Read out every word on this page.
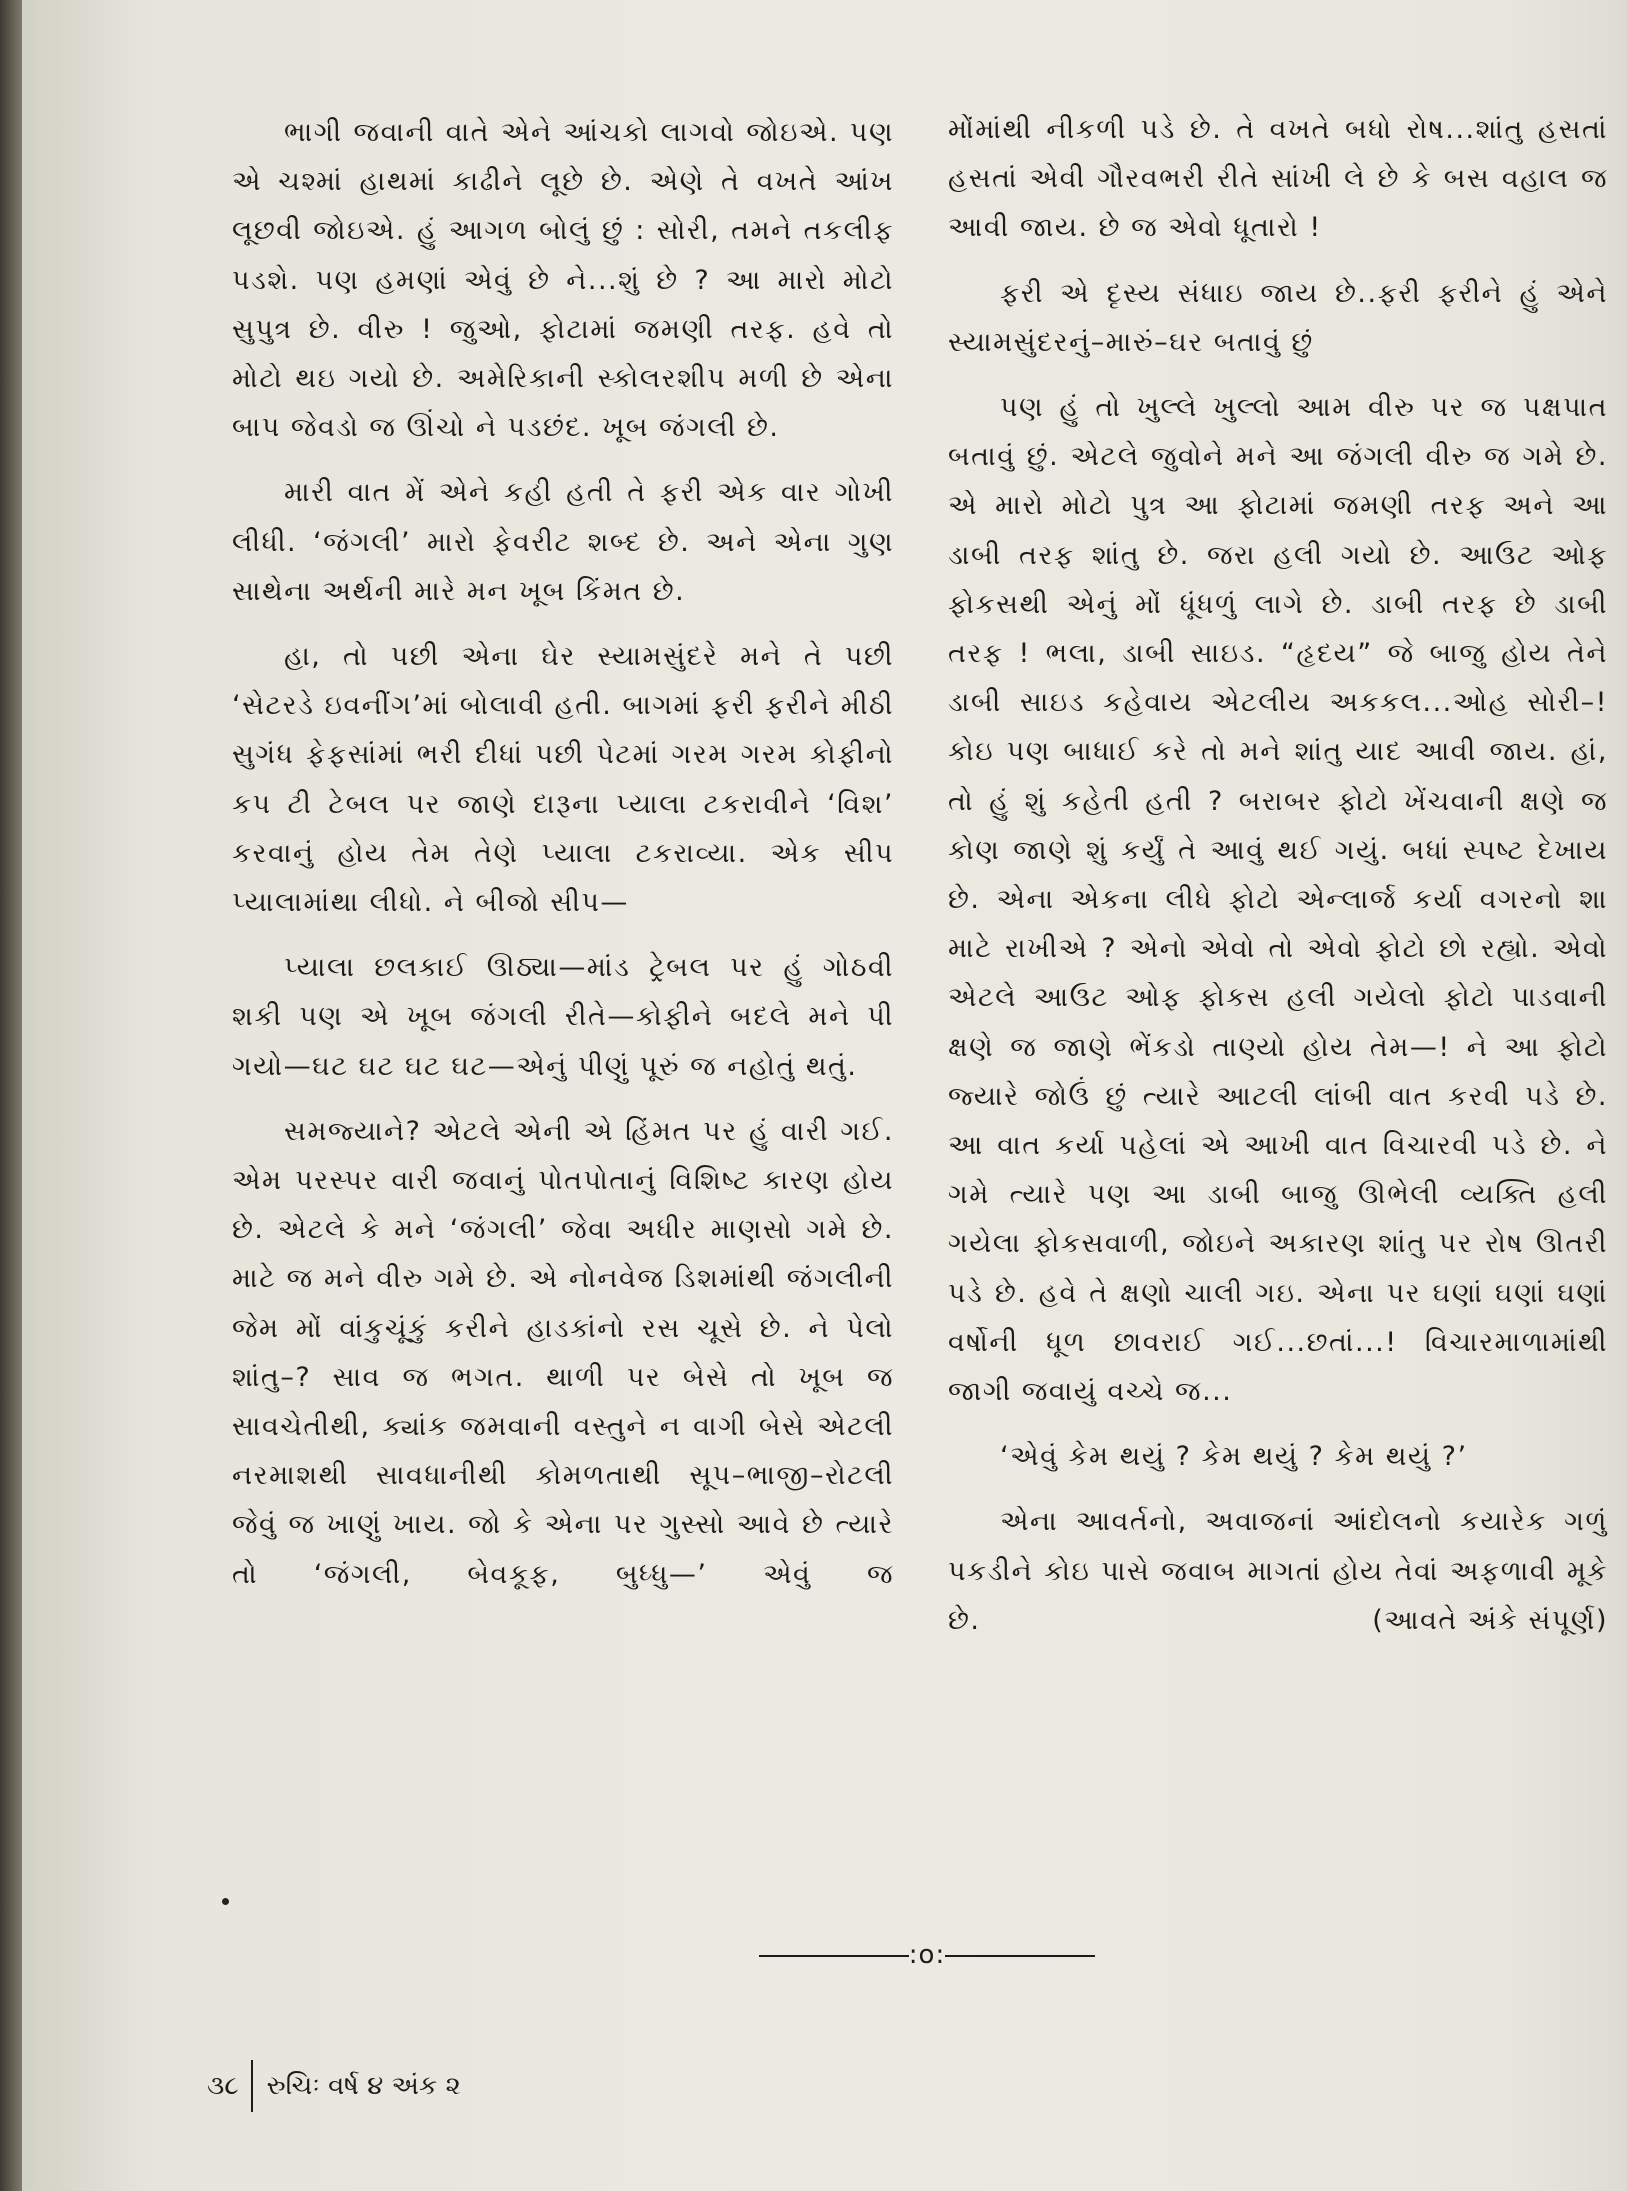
ભાગી જવાની વાતે એને આંચકો લાગવો જોઇએ. પણ એ ચશ્માં હાથમાં કાઢીને લૂછે છે. એણે તે વખતે આંખ લૂછવી જોઇએ. હું આગળ બોલું છું : સોરી, તમને તકલીફ પડશે. પણ હમણાં એવું છે ને...શું છે ? આ મારો મોટો સુપુત્ર છે. વીરુ ! જુઓ, ફોટામાં જમણી તરફ. હવે તો મોટો થઇ ગયો છે. અમેરિકાની સ્કોલરશીપ મળી છે એના બાપ જેવડો જ ઊંચો ને પડછંદ. ખૂબ જંગલી છે.

મારી વાત મેં એને કહી હતી તે ફરી એક વાર ગોખી લીધી. ‘જંગલી’ મારો ફેવરીટ શબ્દ છે. અને એના ગુણ સાથેના અર્થની મારે મન ખૂબ કિંમત છે.

હા, તો પછી એના ઘેર સ્યામસુંદરે મને તે પછી ‘સેટરડે ઇવનીંગ’માં બોલાવી હતી. બાગમાં ફરી ફરીને મીઠી સુગંધ ફેફસાંમાં ભરી દીધાં પછી પેટમાં ગરમ ગરમ કોફીનો કપ ટી ટેબલ પર જાણે દારૂના પ્યાલા ટકરાવીને ‘વિશ’ કરવાનું હોય તેમ તેણે પ્યાલા ટકરાવ્યા. એક સીપ પ્યાલામાંથા લીધો. ને બીજો સીપ—

પ્યાલા છલકાઈ ઊઠ્યા—માંડ ટ્રેબલ પર હું ગોઠવી શકી પણ એ ખૂબ જંગલી રીતે—કોફીને બદલે મને પી ગયો—ઘટ ઘટ ઘટ ઘટ—એનું પીણું પૂરું જ નહોતું થતું.

સમજ્યાને? એટલે એની એ હિંમત પર હું વારી ગઈ. એમ પરસ્પર વારી જવાનું પોતપોતાનું વિશિષ્ટ કારણ હોય છે. એટલે કે મને ‘જંગલી’ જેવા અધીર માણસો ગમે છે. માટે જ મને વીરુ ગમે છે. એ નોનવેજ ડિશમાંથી જંગલીની જેમ મોં વાંકુચૂંકું કરીને હાડકાંનો રસ ચૂસે છે. ને પેલો શાંતુ–? સાવ જ ભગત. થાળી પર બેસે તો ખૂબ જ સાવચેતીથી, ક્યાંક જમવાની વસ્તુને ન વાગી બેસે એટલી નરમાશથી સાવધાનીથી કોમળતાથી સૂપ–ભાજી–રોટલી જેવું જ ખાણું ખાય. જો કે એના પર ગુસ્સો આવે છે ત્યારે તો ‘જંગલી, બેવકૂફ, બુધ્ધુ—’ એવું જ

મોંમાંથી નીકળી પડે છે. તે વખતે બધો રોષ...શાંતુ હસતાં હસતાં એવી ગૌરવભરી રીતે સાંખી લે છે કે બસ વહાલ જ આવી જાય. છે જ એવો ધૂતારો !

ફરી એ દૃસ્ય સંધાઇ જાય છે..ફરી ફરીને હું એને સ્યામસુંદરનું–મારું–ઘર બતાવું છું

પણ હું તો ખુલ્લે ખુલ્લો આમ વીરુ પર જ પક્ષપાત બતાવું છું. એટલે જુવોને મને આ જંગલી વીરુ જ ગમે છે. એ મારો મોટો પુત્ર આ ફોટામાં જમણી તરફ અને આ ડાબી તરફ શાંતુ છે. જરા હલી ગયો છે. આઉટ ઓફ ફોકસથી એનું મોં ધૂંધળું લાગે છે. ડાબી તરફ છે ડાબી તરફ ! ભલા, ડાબી સાઇડ. “હૃદય” જે બાજુ હોય તેને ડાબી સાઇડ કહેવાય એટલીય અકકલ...ઓહ સોરી–! કોઇ પણ બાધાઈ કરે તો મને શાંતુ યાદ આવી જાય. હાં, તો હું શું કહેતી હતી ? બરાબર ફોટો ખેંચવાની ક્ષણે જ કોણ જાણે શું કર્યું તે આવું થઈ ગયું. બધાં સ્પષ્ટ દેખાય છે. એના એકના લીધે ફોટો એન્લાર્જ કર્યા વગરનો શા માટે રાખીએ ? એનો એવો તો એવો ફોટો છો રહ્યો. એવો એટલે આઉટ ઓફ ફોકસ હલી ગયેલો ફોટો પાડવાની ક્ષણે જ જાણે ભેંકડો તાણ્યો હોય તેમ—! ને આ ફોટો જ્યારે જોઉં છું ત્યારે આટલી લાંબી વાત કરવી પડે છે. આ વાત કર્યા પહેલાં એ આખી વાત વિચારવી પડે છે. ને ગમે ત્યારે પણ આ ડાબી બાજુ ઊભેલી વ્યક્તિ હલી ગયેલા ફોકસવાળી, જોઇને અકારણ શાંતુ પર રોષ ઊતરી પડે છે. હવે તે ક્ષણો ચાલી ગઇ. એના પર ઘણાં ઘણાં ઘણાં વર્ષોની ધૂળ છાવરાઈ ગઈ...છતાં...! વિચારમાળામાંથી જાગી જવાયું વચ્ચે જ...

‘એવું કેમ થયું ? કેમ થયું ? કેમ થયું ?’

એના આવર્તનો, અવાજનાં આંદોલનો કયારેક ગળું પકડીને કોઇ પાસે જવાબ માગતાં હોય તેવાં અફળાવી મૂકે છે.	(આવતે અંકે સંપૂર્ણ)

:o:
૩૮ રુચિઃ વર્ષ ૪ અંક ૨
